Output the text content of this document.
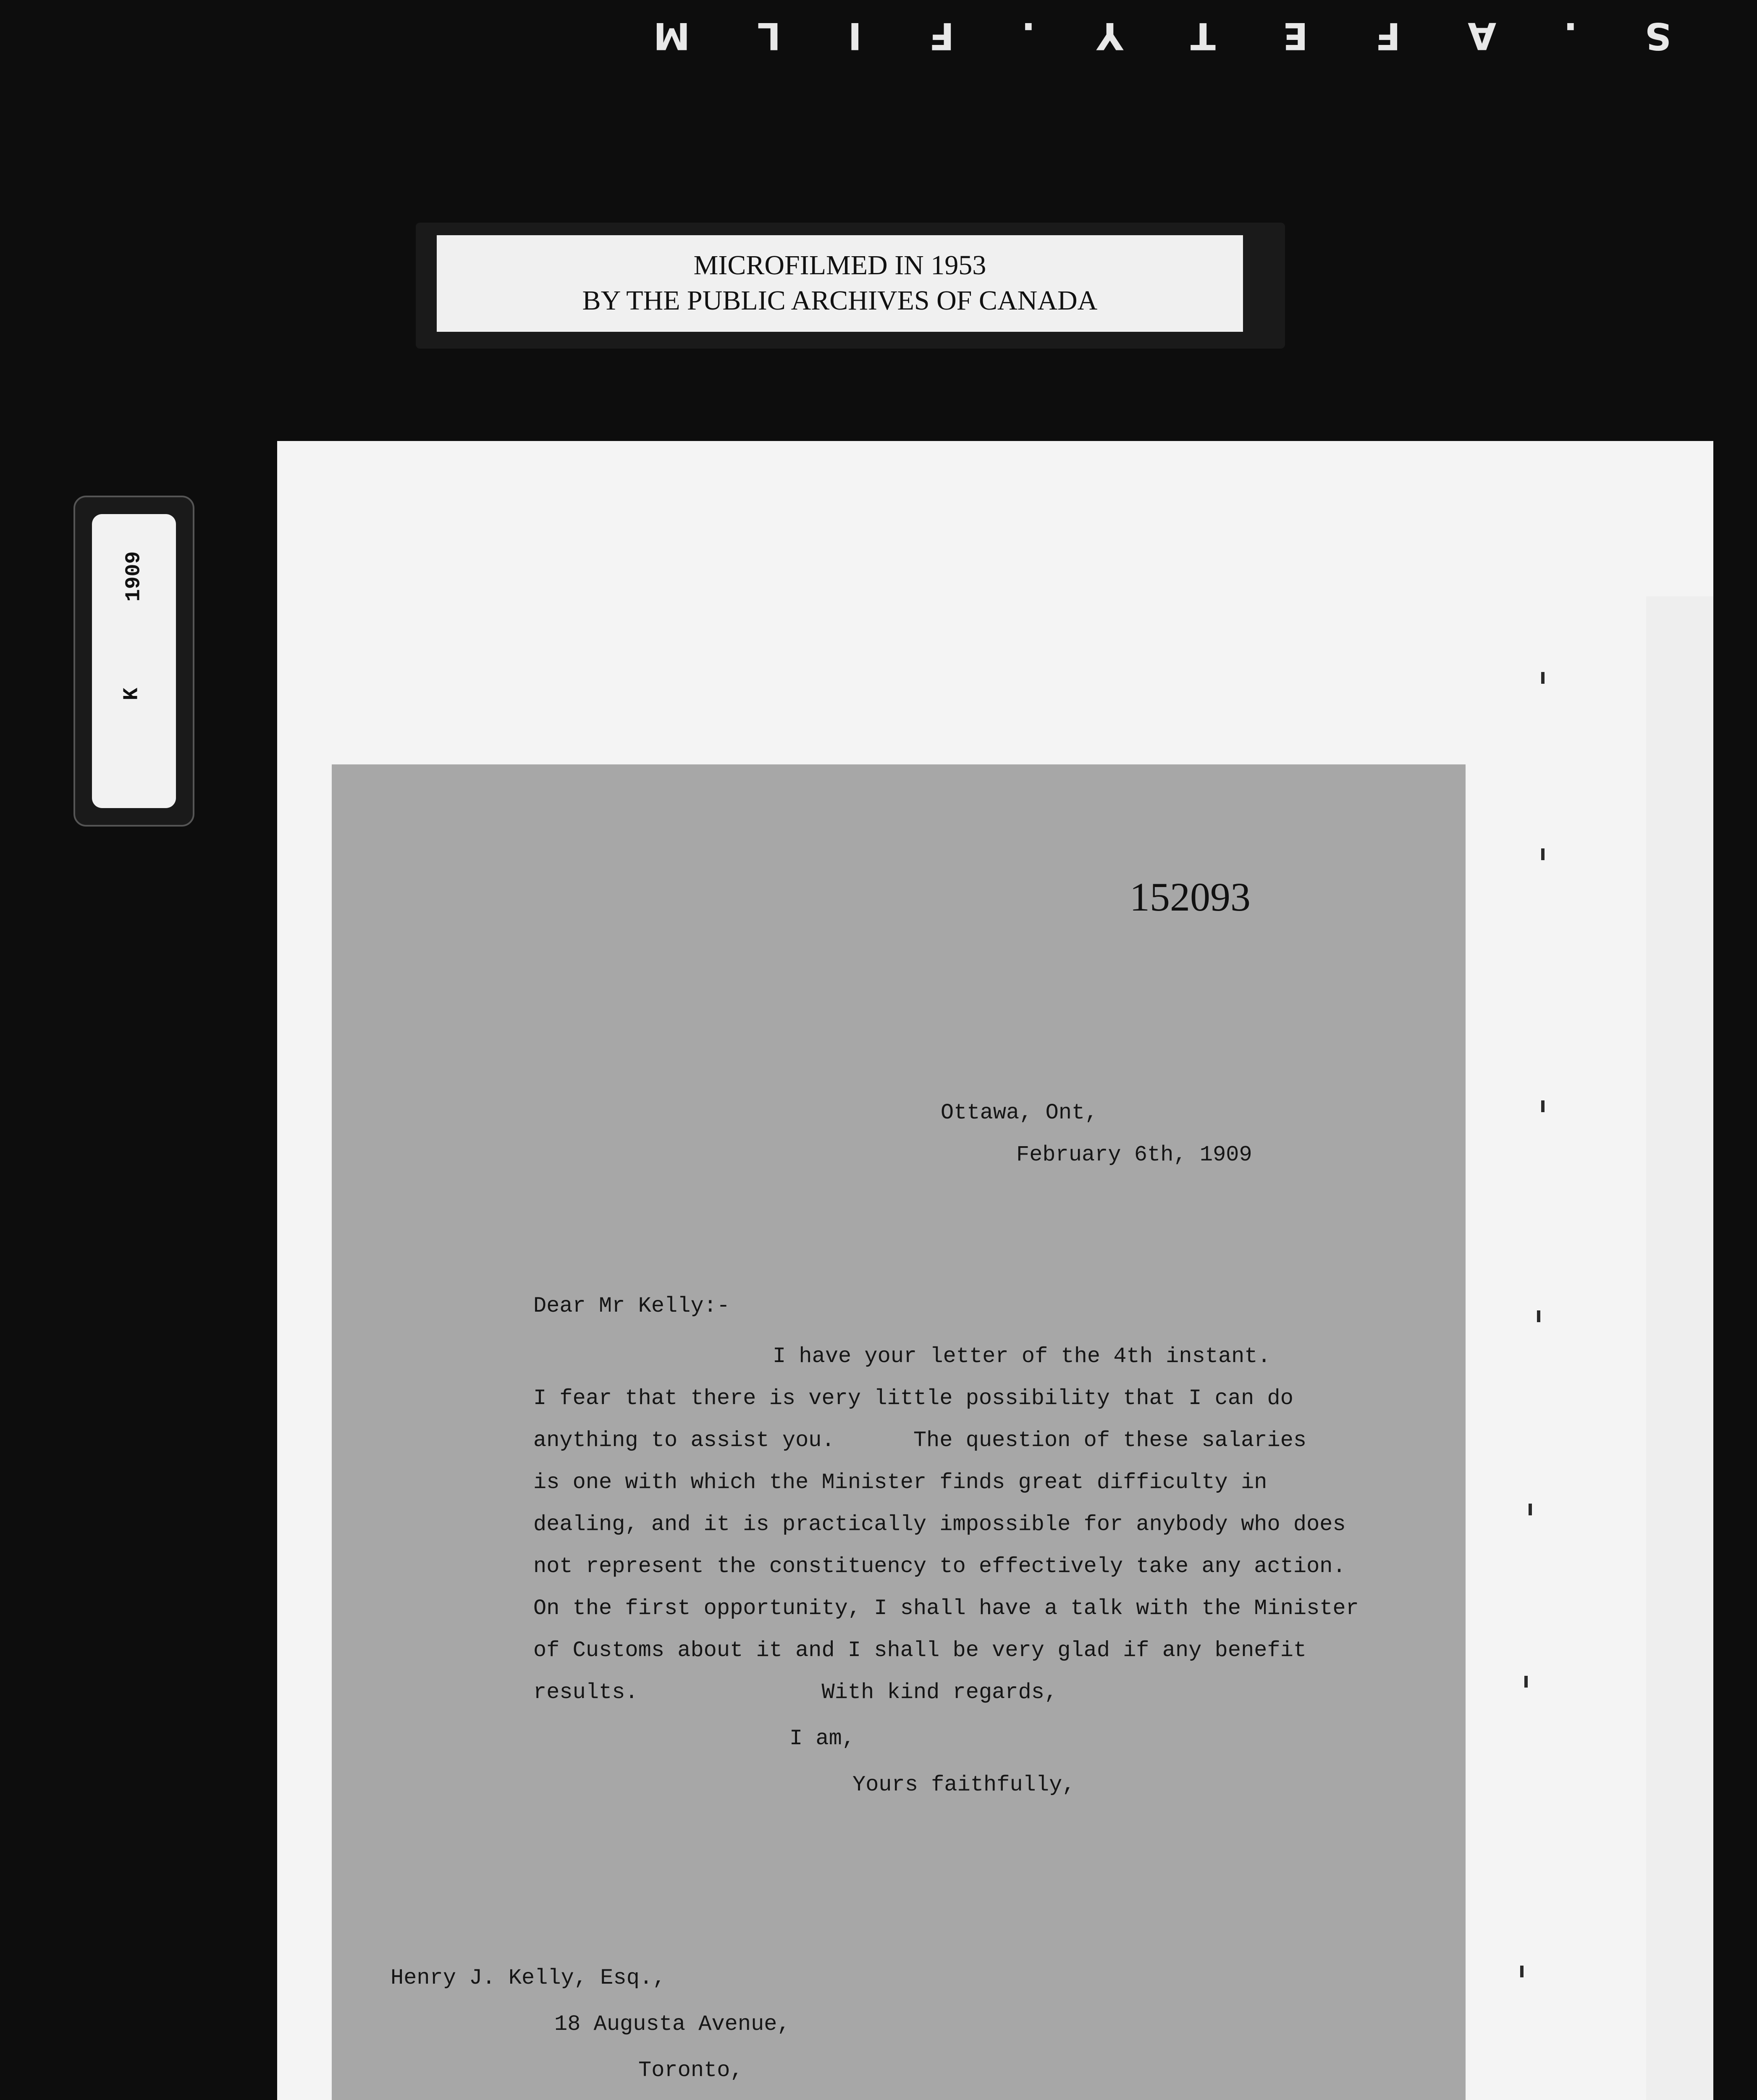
S.AFETY.FILM
MICROFILMED IN 1953
BY THE PUBLIC ARCHIVES OF CANADA
1909
K
152093
Ottawa, Ont,
February 6th, 1909
Dear Mr Kelly:-
I have your letter of the 4th instant.
I fear that there is very little possibility that I can do
anything to assist you.      The question of these salaries
is one with which the Minister finds great difficulty in
dealing, and it is practically impossible for anybody who does
not represent the constituency to effectively take any action.
On the first opportunity, I shall have a talk with the Minister
of Customs about it and I shall be very glad if any benefit
results.              With kind regards,
I am,
Yours faithfully,
Henry J. Kelly, Esq.,
18 Augusta Avenue,
Toronto,
